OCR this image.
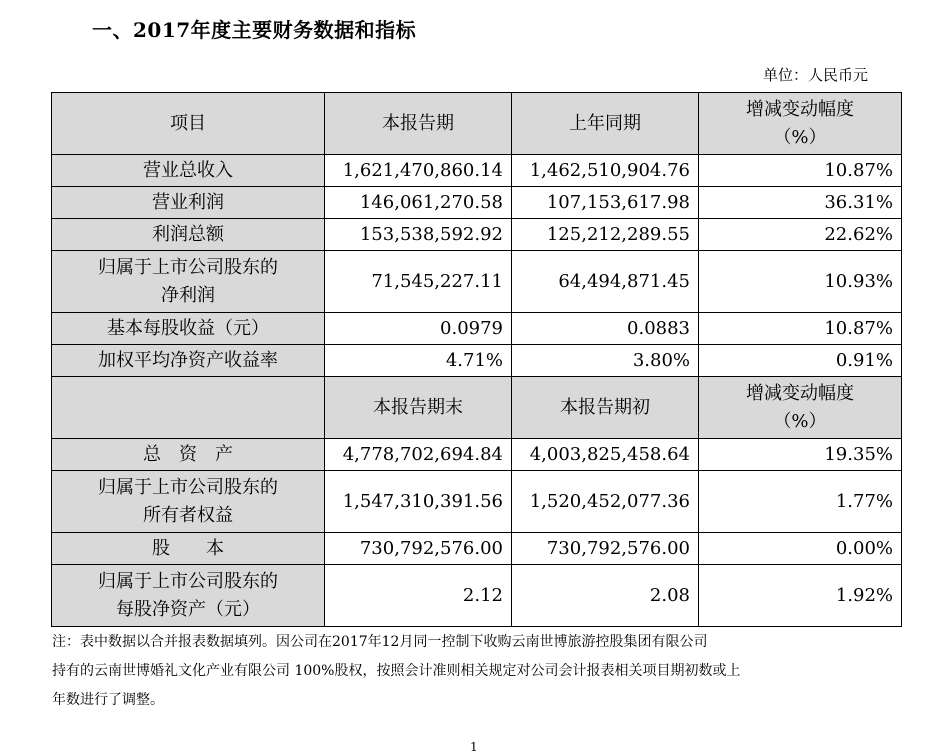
一、2017年度主要财务数据和指标
单位：人民币元
项目	本报告期	上年同期	增减变动幅度
（%）

营业总收入	1,621,470,860.14	1,462,510,904.76	10.87%
营业利润	146,061,270.58	107,153,617.98	36.31%
利润总额	153,538,592.92	125,212,289.55	22.62%

归属于上市公司股东的
净利润	71,545,227.11	64,494,871.45	10.93%
基本每股收益（元）	0.0979	0.0883	10.87%
加权平均净资产收益率	4.71%	3.80%	0.91%
	本报告期末	本报告期初	增减变动幅度
（%）

总　资　产	4,778,702,694.84	4,003,825,458.64	19.35%

归属于上市公司股东的
所有者权益	1,547,310,391.56	1,520,452,077.36	1.77%
股　　本	730,792,576.00	730,792,576.00	0.00%

归属于上市公司股东的
每股净资产（元）	2.12	2.08	1.92%
注：表中数据以合并报表数据填列。因公司在2017年12月同一控制下收购云南世博旅游控股集团有限公司
持有的云南世博婚礼文化产业有限公司 100%股权，按照会计准则相关规定对公司会计报表相关项目期初数或上
年数进行了调整。
1
